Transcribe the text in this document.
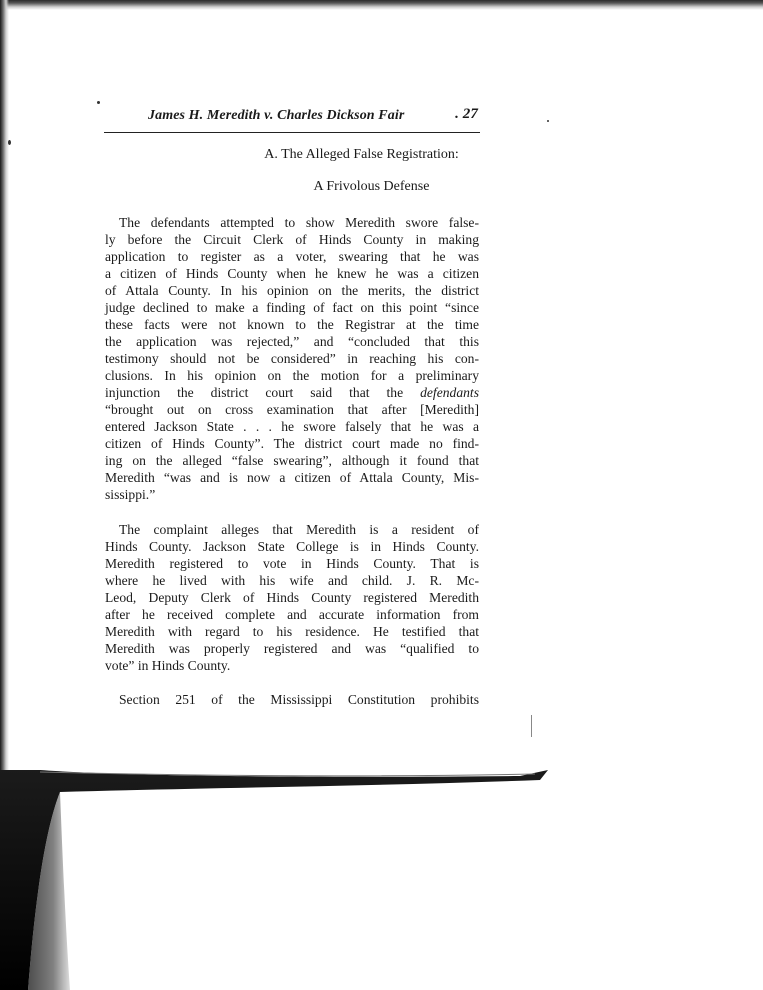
James H. Meredith v. Charles Dickson Fair	. 27
A. The Alleged False Registration:
A Frivolous Defense
The defendants attempted to show Meredith swore false-
ly before the Circuit Clerk of Hinds County in making
application to register as a voter, swearing that he was
a citizen of Hinds County when he knew he was a citizen
of Attala County. In his opinion on the merits, the district
judge declined to make a finding of fact on this point “since
these facts were not known to the Registrar at the time
the application was rejected,” and “concluded that this
testimony should not be considered” in reaching his con-
clusions. In his opinion on the motion for a preliminary
injunction the district court said that the defendants
“brought out on cross examination that after [Meredith]
entered Jackson State . . . he swore falsely that he was a
citizen of Hinds County”. The district court made no find-
ing on the alleged “false swearing”, although it found that
Meredith “was and is now a citizen of Attala County, Mis-
sissippi.”
The complaint alleges that Meredith is a resident of
Hinds County. Jackson State College is in Hinds County.
Meredith registered to vote in Hinds County. That is
where he lived with his wife and child. J. R. Mc-
Leod, Deputy Clerk of Hinds County registered Meredith
after he received complete and accurate information from
Meredith with regard to his residence. He testified that
Meredith was properly registered and was “qualified to
vote” in Hinds County.
Section 251 of the Mississippi Constitution prohibits
